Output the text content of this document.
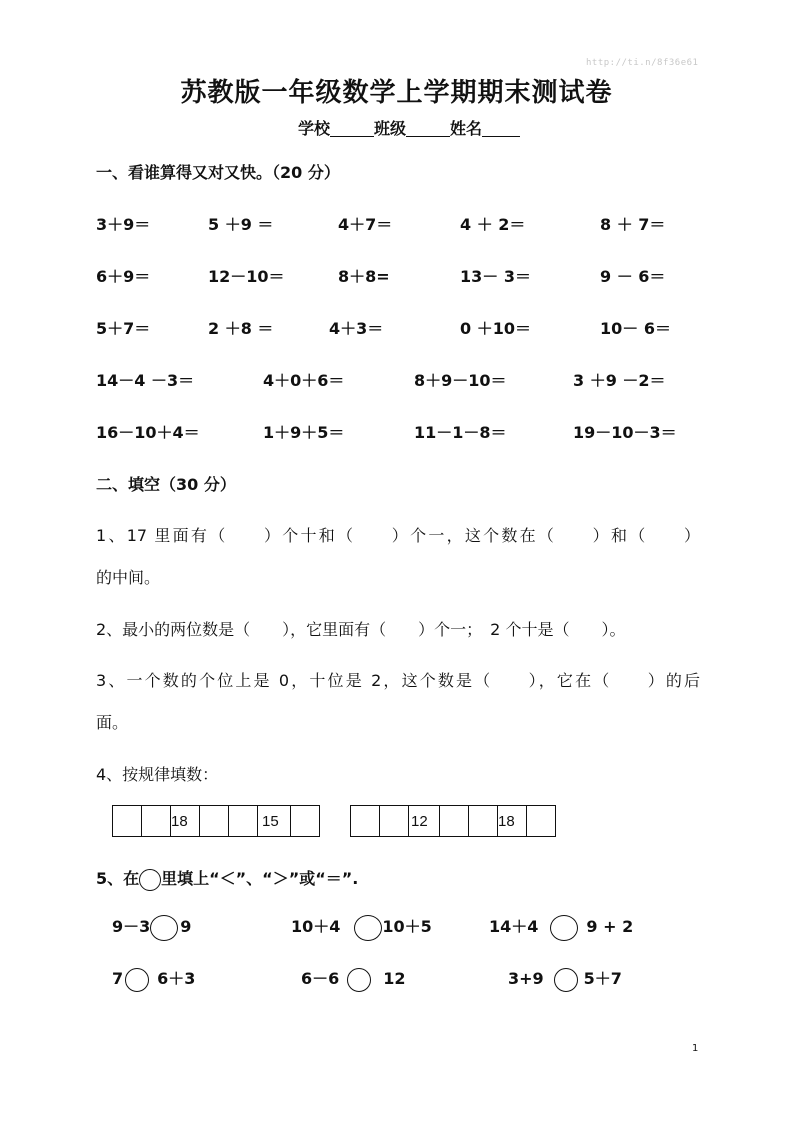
http://ti.n/8f36e61
苏教版一年级数学上学期期末测试卷
学校	班级	姓名
一、看谁算得又对又快。（20 分）
3＋9＝	5 ＋9 ＝	4＋7＝	4 ＋ 2＝	8 ＋ 7＝
6＋9＝	12－10＝	8＋8=	13－ 3＝	9 － 6＝
5＋7＝	2 ＋8 ＝	4＋3＝	0 ＋10＝	10－ 6＝
14－4 －3＝	4＋0＋6＝	8＋9－10＝	3 ＋9 －2＝
16－10＋4＝	1＋9＋5＝	11－1－8＝	19－10－3＝
二、填空（30 分）
1、17 里面有（　　）个十和（　　）个一，这个数在（　　）和（　　）
的中间。
2、最小的两位数是（　　），它里面有（　　）个一；　2 个十是（　　）。
3、一个数的个位上是 0，十位是 2，这个数是（　　），它在（　　）的后
面。
4、按规律填数：
		18			15	
			12			18	
5、在 里填上“＜”、“＞”或“＝”.
9－3 9	10＋4	10＋5	14＋4	9 + 2
7 6＋3	6－6	12	3+9	5＋7
1
